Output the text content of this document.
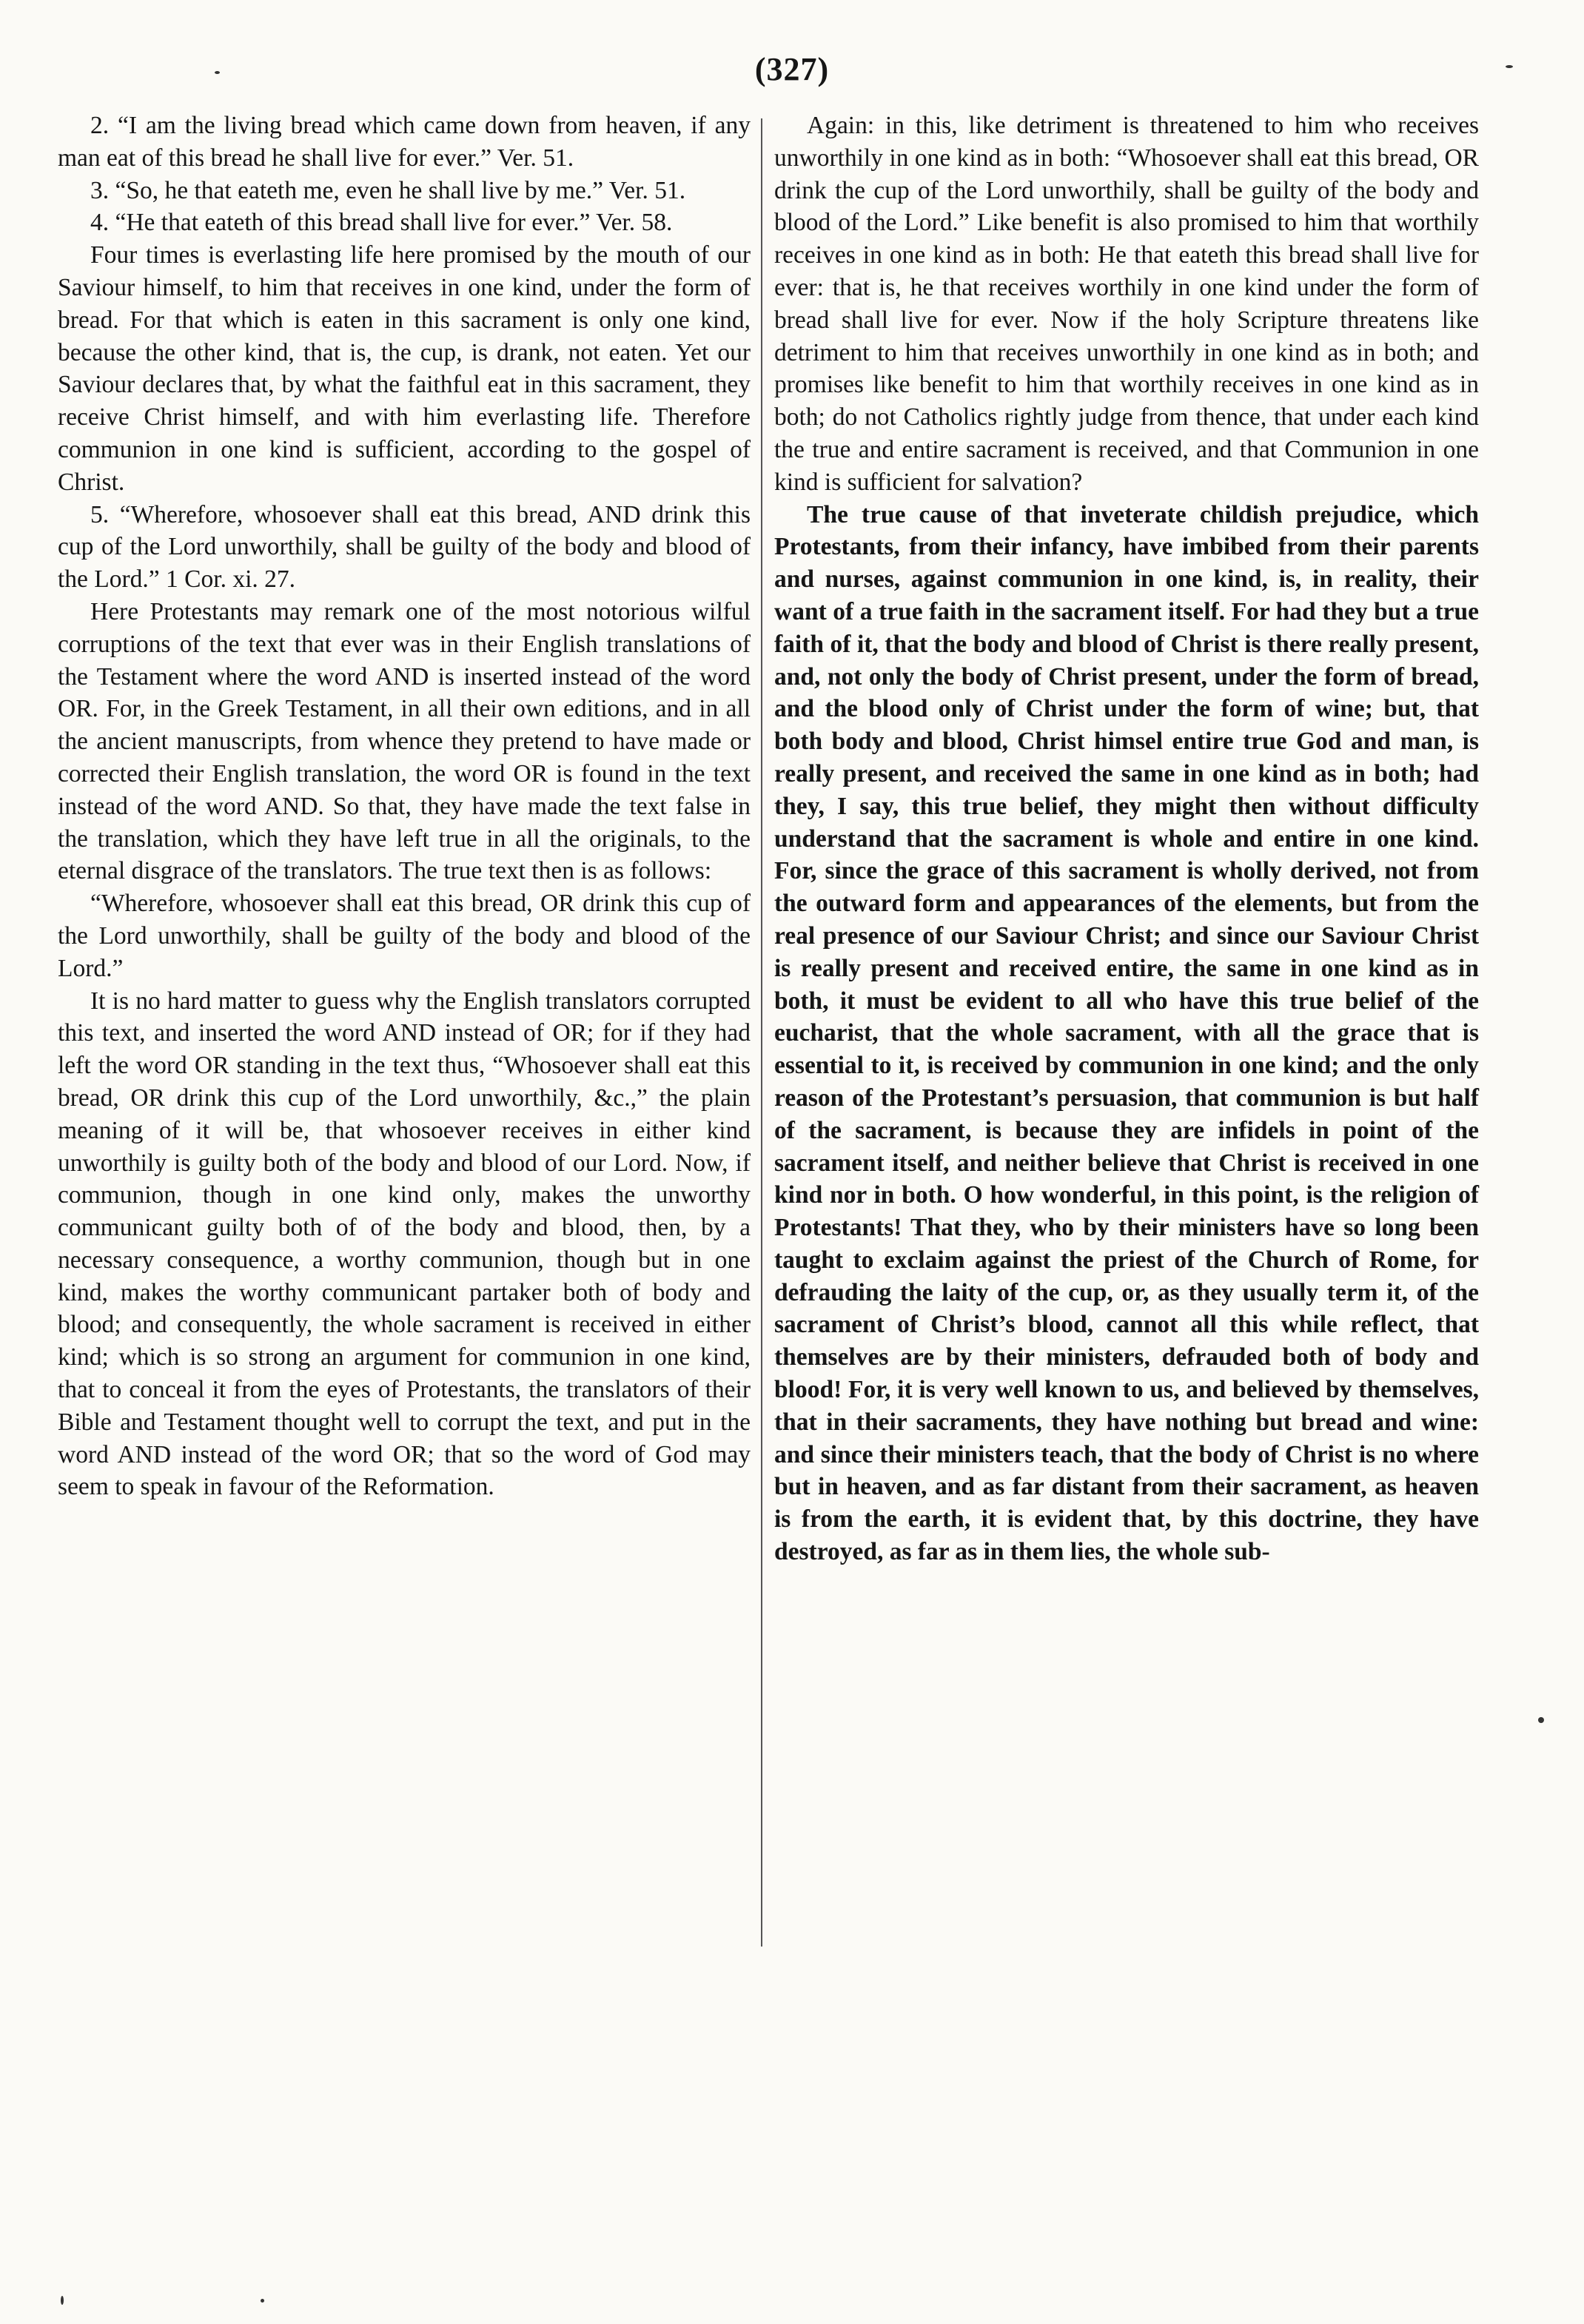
(327)

2. “I am the living bread which came down from heaven, if any man eat of this bread he shall live for ever.” Ver. 51.

3. “So, he that eateth me, even he shall live by me.” Ver. 51.

4. “He that eateth of this bread shall live for ever.” Ver. 58.

Four times is everlasting life here promised by the mouth of our Saviour himself, to him that receives in one kind, under the form of bread. For that which is eaten in this sacrament is only one kind, because the other kind, that is, the cup, is drank, not eaten. Yet our Saviour declares that, by what the faithful eat in this sacrament, they receive Christ himself, and with him everlasting life. Therefore communion in one kind is sufficient, according to the gospel of Christ.

5. “Wherefore, whosoever shall eat this bread, AND drink this cup of the Lord unworthily, shall be guilty of the body and blood of the Lord.” 1 Cor. xi. 27.

Here Protestants may remark one of the most notorious wilful corruptions of the text that ever was in their English translations of the Testament where the word AND is inserted instead of the word OR. For, in the Greek Testament, in all their own editions, and in all the ancient manuscripts, from whence they pretend to have made or corrected their English translation, the word OR is found in the text instead of the word AND. So that, they have made the text false in the translation, which they have left true in all the originals, to the eternal disgrace of the translators. The true text then is as follows:

“Wherefore, whosoever shall eat this bread, OR drink this cup of the Lord unworthily, shall be guilty of the body and blood of the Lord.”

It is no hard matter to guess why the English translators corrupted this text, and inserted the word AND instead of OR; for if they had left the word OR standing in the text thus, “Whosoever shall eat this bread, OR drink this cup of the Lord unworthily, &c.,” the plain meaning of it will be, that whosoever receives in either kind unworthily is guilty both of the body and blood of our Lord. Now, if communion, though in one kind only, makes the unworthy communicant guilty both of of the body and blood, then, by a necessary consequence, a worthy communion, though but in one kind, makes the worthy communicant partaker both of body and blood; and consequently, the whole sacrament is received in either kind; which is so strong an argument for communion in one kind, that to conceal it from the eyes of Protestants, the translators of their Bible and Testament thought well to corrupt the text, and put in the word AND instead of the word OR; that so the word of God may seem to speak in favour of the Reformation.

Again: in this, like detriment is threatened to him who receives unworthily in one kind as in both: “Whosoever shall eat this bread, OR drink the cup of the Lord unworthily, shall be guilty of the body and blood of the Lord.” Like benefit is also promised to him that worthily receives in one kind as in both: He that eateth this bread shall live for ever: that is, he that receives worthily in one kind under the form of bread shall live for ever. Now if the holy Scripture threatens like detriment to him that receives unworthily in one kind as in both; and promises like benefit to him that worthily receives in one kind as in both; do not Catholics rightly judge from thence, that under each kind the true and entire sacrament is received, and that Communion in one kind is sufficient for salvation?

The true cause of that inveterate childish prejudice, which Protestants, from their infancy, have imbibed from their parents and nurses, against communion in one kind, is, in reality, their want of a true faith in the sacrament itself. For had they but a true faith of it, that the body and blood of Christ is there really present, and, not only the body of Christ present, under the form of bread, and the blood only of Christ under the form of wine; but, that both body and blood, Christ himsel entire true God and man, is really present, and received the same in one kind as in both; had they, I say, this true belief, they might then without difficulty understand that the sacrament is whole and entire in one kind. For, since the grace of this sacrament is wholly derived, not from the outward form and appearances of the elements, but from the real presence of our Saviour Christ; and since our Saviour Christ is really present and received entire, the same in one kind as in both, it must be evident to all who have this true belief of the eucharist, that the whole sacrament, with all the grace that is essential to it, is received by communion in one kind; and the only reason of the Protestant’s persuasion, that communion is but half of the sacrament, is because they are infidels in point of the sacrament itself, and neither believe that Christ is received in one kind nor in both. O how wonderful, in this point, is the religion of Protestants! That they, who by their ministers have so long been taught to exclaim against the priest of the Church of Rome, for defrauding the laity of the cup, or, as they usually term it, of the sacrament of Christ’s blood, cannot all this while reflect, that themselves are by their ministers, defrauded both of body and blood! For, it is very well known to us, and believed by themselves, that in their sacraments, they have nothing but bread and wine: and since their ministers teach, that the body of Christ is no where but in heaven, and as far distant from their sacrament, as heaven is from the earth, it is evident that, by this doctrine, they have destroyed, as far as in them lies, the whole sub-
